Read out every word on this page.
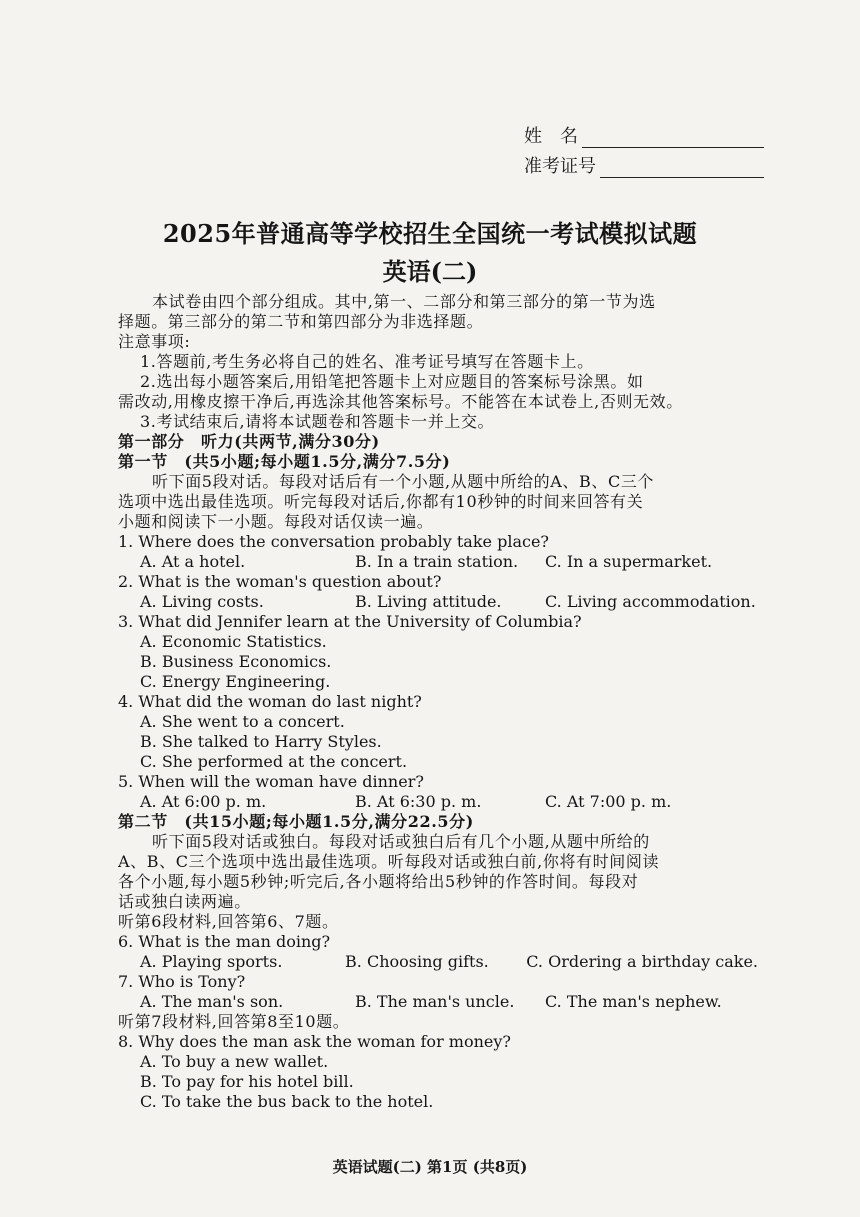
姓　名
准考证号
2025年普通高等学校招生全国统一考试模拟试题
英语(二)
本试卷由四个部分组成。其中,第一、二部分和第三部分的第一节为选
择题。第三部分的第二节和第四部分为非选择题。
注意事项:
1.答题前,考生务必将自己的姓名、准考证号填写在答题卡上。
2.选出每小题答案后,用铅笔把答题卡上对应题目的答案标号涂黑。如
需改动,用橡皮擦干净后,再选涂其他答案标号。不能答在本试卷上,否则无效。
3.考试结束后,请将本试题卷和答题卡一并上交。
第一部分　听力(共两节,满分30分)
第一节　(共5小题;每小题1.5分,满分7.5分)
听下面5段对话。每段对话后有一个小题,从题中所给的A、B、C三个
选项中选出最佳选项。听完每段对话后,你都有10秒钟的时间来回答有关
小题和阅读下一小题。每段对话仅读一遍。
1. Where does the conversation probably take place?
A. At a hotel.	B. In a train station.	C. In a supermarket.
2. What is the woman's question about?
A. Living costs.	B. Living attitude.	C. Living accommodation.
3. What did Jennifer learn at the University of Columbia?
A. Economic Statistics.
B. Business Economics.
C. Energy Engineering.
4. What did the woman do last night?
A. She went to a concert.
B. She talked to Harry Styles.
C. She performed at the concert.
5. When will the woman have dinner?
A. At 6:00 p. m.	B. At 6:30 p. m.	C. At 7:00 p. m.
第二节　(共15小题;每小题1.5分,满分22.5分)
听下面5段对话或独白。每段对话或独白后有几个小题,从题中所给的
A、B、C三个选项中选出最佳选项。听每段对话或独白前,你将有时间阅读
各个小题,每小题5秒钟;听完后,各小题将给出5秒钟的作答时间。每段对
话或独白读两遍。
听第6段材料,回答第6、7题。
6. What is the man doing?
A. Playing sports.	B. Choosing gifts.	C. Ordering a birthday cake.
7. Who is Tony?
A. The man's son.	B. The man's uncle.	C. The man's nephew.
听第7段材料,回答第8至10题。
8. Why does the man ask the woman for money?
A. To buy a new wallet.
B. To pay for his hotel bill.
C. To take the bus back to the hotel.
英语试题(二) 第1页 (共8页)
